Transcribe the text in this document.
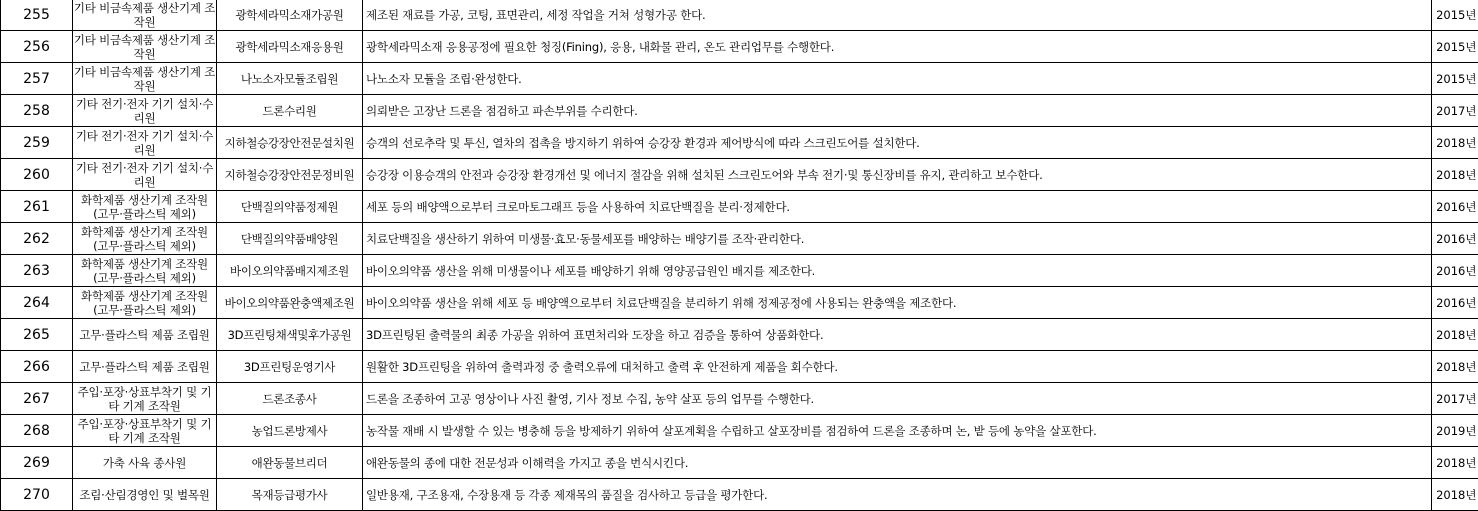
255	기타 비금속제품 생산기계 조작원	광학세라믹소재가공원	제조된 재료를 가공, 코팅, 표면관리, 세정 작업을 거쳐 성형가공 한다.	2015년
256	기타 비금속제품 생산기계 조작원	광학세라믹소재응용원	광학세라믹소재 응용공정에 필요한 청징(Fining), 응용, 내화물 관리, 온도 관리업무를 수행한다.	2015년
257	기타 비금속제품 생산기계 조작원	나노소자모듈조립원	나노소자 모듈을 조립·완성한다.	2015년
258	기타 전기·전자 기기 설치·수리원	드론수리원	의뢰받은 고장난 드론을 점검하고 파손부위를 수리한다.	2017년
259	기타 전기·전자 기기 설치·수리원	지하철승강장안전문설치원	승객의 선로추락 및 투신, 열차의 접촉을 방지하기 위하여 승강장 환경과 제어방식에 따라 스크린도어를 설치한다.	2018년
260	기타 전기·전자 기기 설치·수리원	지하철승강장안전문정비원	승강장 이용승객의 안전과 승강장 환경개선 및 에너지 절감을 위해 설치된 스크린도어와 부속 전기·및 통신장비를 유지, 관리하고 보수한다.	2018년
261	화학제품 생산기계 조작원 (고무·플라스틱 제외)	단백질의약품정제원	세포 등의 배양액으로부터 크로마토그래프 등을 사용하여 치료단백질을 분리·정제한다.	2016년
262	화학제품 생산기계 조작원 (고무·플라스틱 제외)	단백질의약품배양원	치료단백질을 생산하기 위하여 미생물·효모·동물세포를 배양하는 배양기를 조작·관리한다.	2016년
263	화학제품 생산기계 조작원 (고무·플라스틱 제외)	바이오의약품배지제조원	바이오의약품 생산을 위해 미생물이나 세포를 배양하기 위해 영양공급원인 배지를 제조한다.	2016년
264	화학제품 생산기계 조작원 (고무·플라스틱 제외)	바이오의약품완충액제조원	바이오의약품 생산을 위해 세포 등 배양액으로부터 치료단백질을 분리하기 위해 정제공정에 사용되는 완충액을 제조한다.	2016년
265	고무·플라스틱 제품 조립원	3D프린팅채색및후가공원	3D프린팅된 출력물의 최종 가공을 위하여 표면처리와 도장을 하고 검증을 통하여 상품화한다.	2018년
266	고무·플라스틱 제품 조립원	3D프린팅운영기사	원활한 3D프린팅을 위하여 출력과정 중 출력오류에 대처하고 출력 후 안전하게 제품을 회수한다.	2018년
267	주입·포장·상표부착기 및 기타 기계 조작원	드론조종사	드론을 조종하여 고공 영상이나 사진 촬영, 기사 정보 수집, 농약 살포 등의 업무를 수행한다.	2017년
268	주입·포장·상표부착기 및 기타 기계 조작원	농업드론방제사	농작물 재배 시 발생할 수 있는 병충해 등을 방제하기 위하여 살포계획을 수립하고 살포장비를 점검하여 드론을 조종하며 논, 밭 등에 농약을 살포한다.	2019년
269	가축 사육 종사원	애완동물브리더	애완동물의 종에 대한 전문성과 이해력을 가지고 종을 번식시킨다.	2018년
270	조림·산림경영인 및 벌목원	목재등급평가사	일반용재, 구조용재, 수장용재 등 각종 제재목의 품질을 검사하고 등급을 평가한다.	2018년
